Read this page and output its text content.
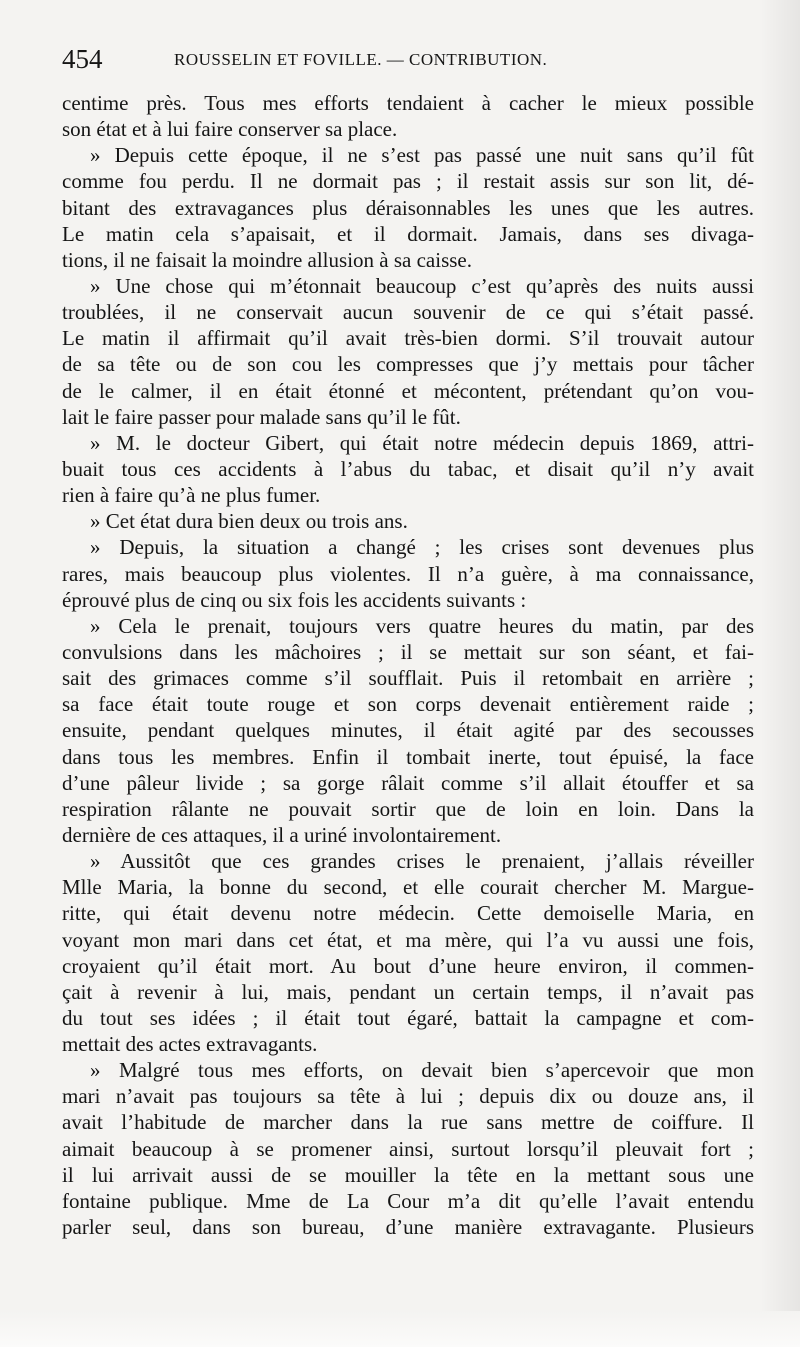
454	ROUSSELIN ET FOVILLE. — CONTRIBUTION.
centime près. Tous mes efforts tendaient à cacher le mieux possible
son état et à lui faire conserver sa place.
» Depuis cette époque, il ne s’est pas passé une nuit sans qu’il fût
comme fou perdu. Il ne dormait pas ; il restait assis sur son lit, dé-
bitant des extravagances plus déraisonnables les unes que les autres.
Le matin cela s’apaisait, et il dormait. Jamais, dans ses divaga-
tions, il ne faisait la moindre allusion à sa caisse.
» Une chose qui m’étonnait beaucoup c’est qu’après des nuits aussi
troublées, il ne conservait aucun souvenir de ce qui s’était passé.
Le matin il affirmait qu’il avait très-bien dormi. S’il trouvait autour
de sa tête ou de son cou les compresses que j’y mettais pour tâcher
de le calmer, il en était étonné et mécontent, prétendant qu’on vou-
lait le faire passer pour malade sans qu’il le fût.
» M. le docteur Gibert, qui était notre médecin depuis 1869, attri-
buait tous ces accidents à l’abus du tabac, et disait qu’il n’y avait
rien à faire qu’à ne plus fumer.
» Cet état dura bien deux ou trois ans.
» Depuis, la situation a changé ; les crises sont devenues plus
rares, mais beaucoup plus violentes. Il n’a guère, à ma connaissance,
éprouvé plus de cinq ou six fois les accidents suivants :
» Cela le prenait, toujours vers quatre heures du matin, par des
convulsions dans les mâchoires ; il se mettait sur son séant, et fai-
sait des grimaces comme s’il soufflait. Puis il retombait en arrière ;
sa face était toute rouge et son corps devenait entièrement raide ;
ensuite, pendant quelques minutes, il était agité par des secousses
dans tous les membres. Enfin il tombait inerte, tout épuisé, la face
d’une pâleur livide ; sa gorge râlait comme s’il allait étouffer et sa
respiration râlante ne pouvait sortir que de loin en loin. Dans la
dernière de ces attaques, il a uriné involontairement.
» Aussitôt que ces grandes crises le prenaient, j’allais réveiller
Mlle Maria, la bonne du second, et elle courait chercher M. Margue-
ritte, qui était devenu notre médecin. Cette demoiselle Maria, en
voyant mon mari dans cet état, et ma mère, qui l’a vu aussi une fois,
croyaient qu’il était mort. Au bout d’une heure environ, il commen-
çait à revenir à lui, mais, pendant un certain temps, il n’avait pas
du tout ses idées ; il était tout égaré, battait la campagne et com-
mettait des actes extravagants.
» Malgré tous mes efforts, on devait bien s’apercevoir que mon
mari n’avait pas toujours sa tête à lui ; depuis dix ou douze ans, il
avait l’habitude de marcher dans la rue sans mettre de coiffure. Il
aimait beaucoup à se promener ainsi, surtout lorsqu’il pleuvait fort ;
il lui arrivait aussi de se mouiller la tête en la mettant sous une
fontaine publique. Mme de La Cour m’a dit qu’elle l’avait entendu
parler seul, dans son bureau, d’une manière extravagante. Plusieurs
